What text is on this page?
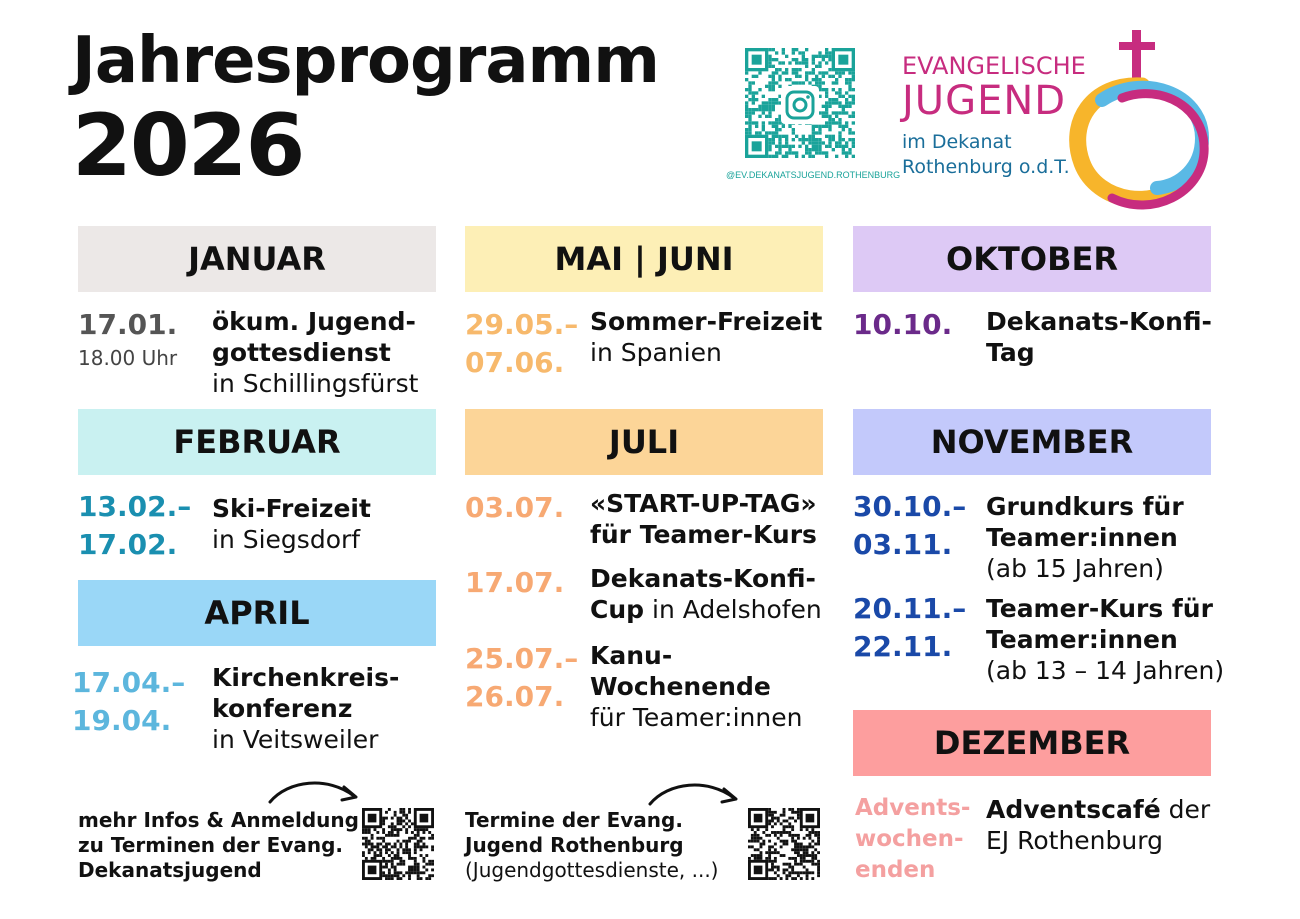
Jahresprogramm
2026	@EV.DEKANATSJUGEND.ROTHENBURG
EVANGELISCHE
JUGEND
im Dekanat
Rothenburg o.d.T.
JANUAR
17.01.
18.00 Uhr
ökum. Jugend-
gottesdienst
in Schillingsfürst
FEBRUAR
13.02.–
17.02.
Ski-Freizeit
in Siegsdorf
APRIL
17.04.–
19.04.
Kirchenkreis-
konferenz
in Veitsweiler
MAI | JUNI
29.05.–
07.06.
Sommer-Freizeit
in Spanien
JULI
03.07. «START-UP-TAG»
für Teamer-Kurs
17.07. Dekanats-Konfi-
Cup in Adelshofen
25.07.–
26.07.
Kanu-
Wochenende
für Teamer:innen
OKTOBER
10.10. Dekanats-Konfi-
Tag
NOVEMBER
30.10.–
03.11.
Grundkurs für
Teamer:innen
(ab 15 Jahren)
20.11.–
22.11.
Teamer-Kurs für
Teamer:innen
(ab 13 – 14 Jahren)
DEZEMBER
Advents-
wochen-
enden
Adventscafé der
EJ Rothenburg
mehr Infos & Anmeldung
zu Terminen der Evang.
Dekanatsjugend
Termine der Evang.
Jugend Rothenburg
(Jugendgottesdienste, ...)
